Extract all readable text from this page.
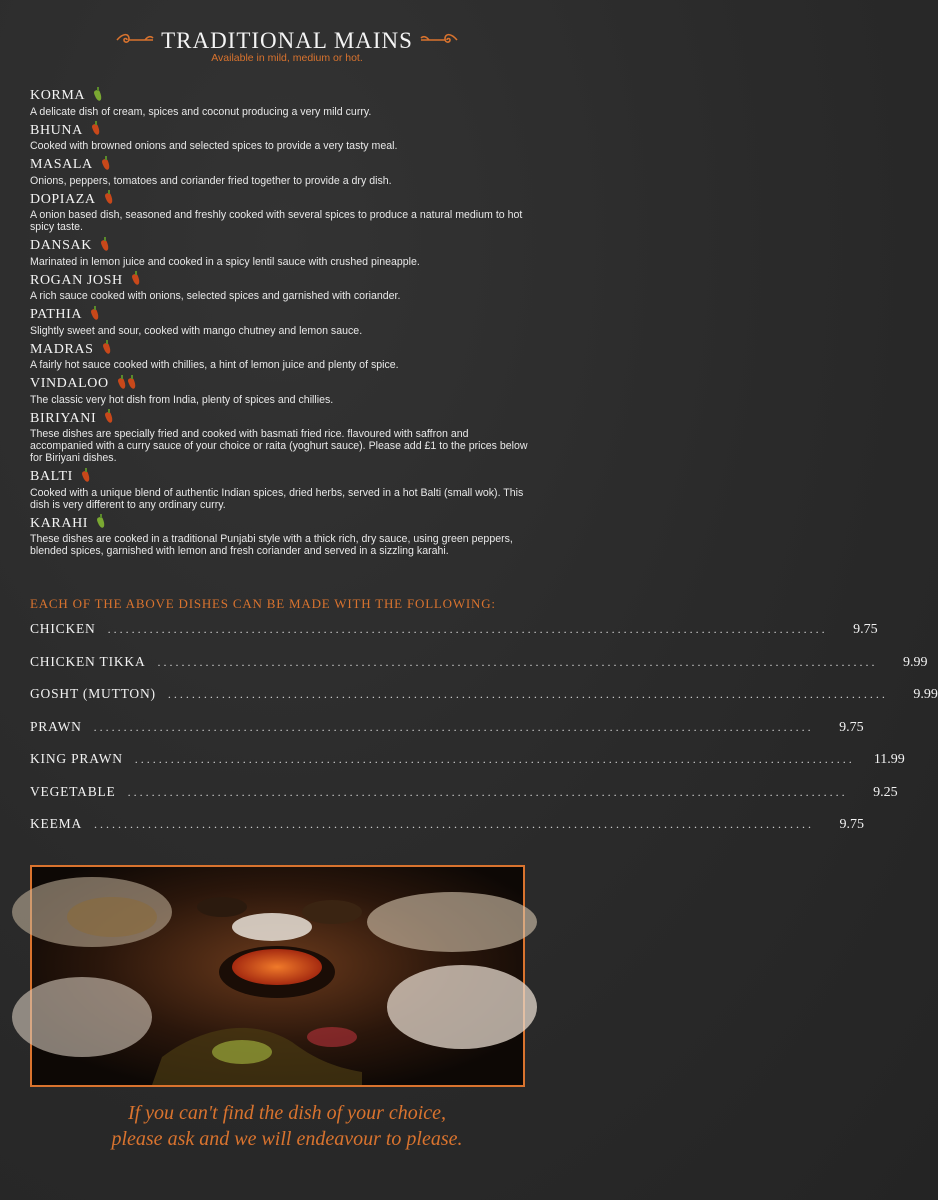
TRADITIONAL MAINS
Available in mild, medium or hot.
KORMA
A delicate dish of cream, spices and coconut producing a very mild curry.
BHUNA
Cooked with browned onions and selected spices to provide a very tasty meal.
MASALA
Onions, peppers, tomatoes and coriander fried together to provide a dry dish.
DOPIAZA
A onion based dish, seasoned and freshly cooked with several spices to produce a natural medium to hot spicy taste.
DANSAK
Marinated in lemon juice and cooked in a spicy lentil sauce with crushed pineapple.
ROGAN JOSH
A rich sauce cooked with onions, selected spices and garnished with coriander.
PATHIA
Slightly sweet and sour, cooked with mango chutney and lemon sauce.
MADRAS
A fairly hot sauce cooked with chillies, a hint of lemon juice and plenty of spice.
VINDALOO
The classic very hot dish from India, plenty of spices and chillies.
BIRIYANI
These dishes are specially fried and cooked with basmati fried rice. flavoured with saffron and accompanied with a curry sauce of your choice or raita (yoghurt sauce). Please add £1 to the prices below for Biriyani dishes.
BALTI
Cooked with a unique blend of authentic Indian spices, dried herbs, served in a hot Balti (small wok). This dish is very different to any ordinary curry.
KARAHI
These dishes are cooked in a traditional Punjabi style with a thick rich, dry sauce, using green peppers, blended spices, garnished with lemon and fresh coriander and served in a sizzling karahi.
EACH OF THE ABOVE DISHES CAN BE MADE WITH THE FOLLOWING:
CHICKEN ........................................................................................................................	9.75
CHICKEN TIKKA ........................................................................................................................	9.99
GOSHT (MUTTON) ........................................................................................................................	9.99
PRAWN ........................................................................................................................	9.75
KING PRAWN ........................................................................................................................	11.99
VEGETABLE ........................................................................................................................	9.25
KEEMA ........................................................................................................................	9.75
If you can't find the dish of your choice,
please ask and we will endeavour to please.
